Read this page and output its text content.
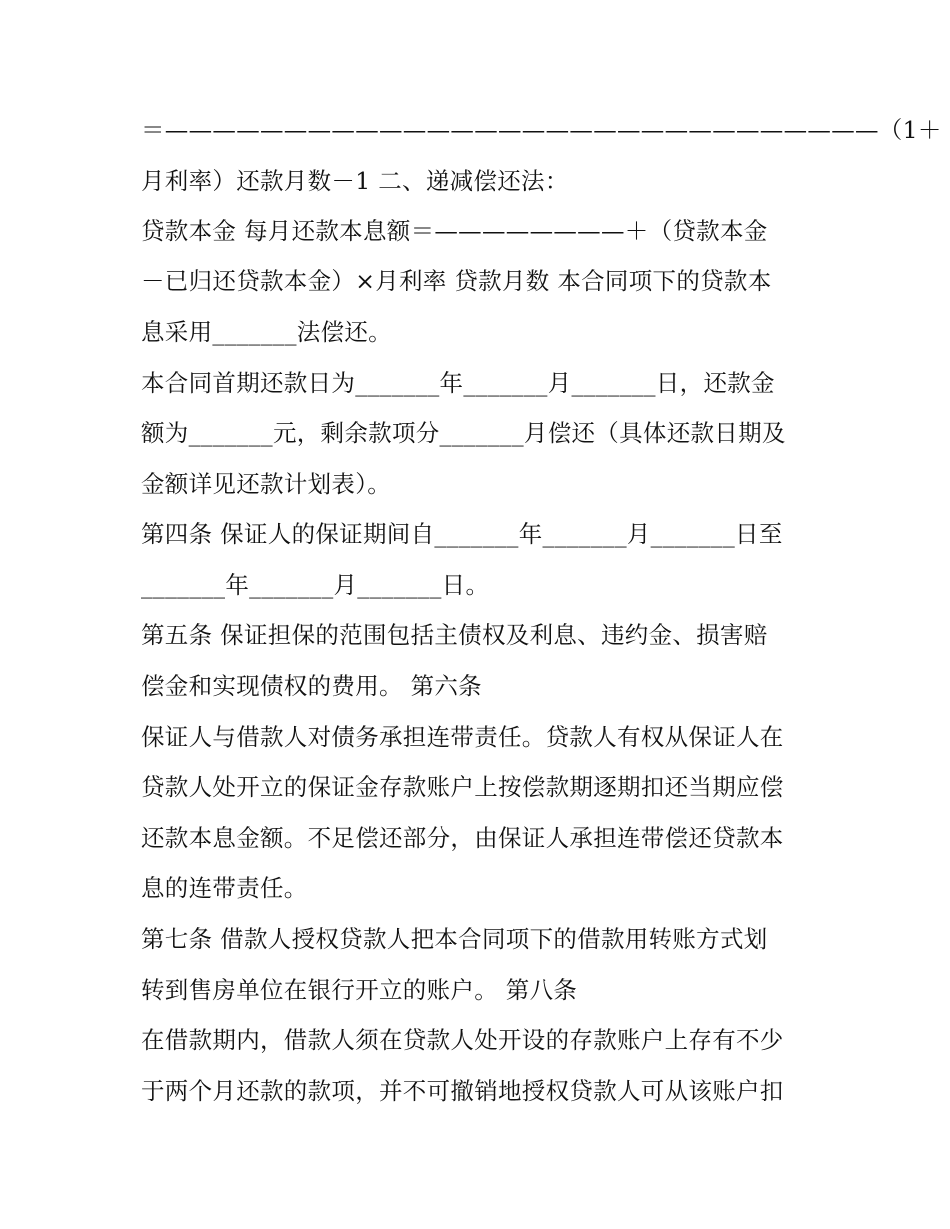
＝——————————————————————————————（1＋
月利率）还款月数－1 二、递减偿还法：
贷款本金 每月还款本息额＝————————＋（贷款本金
－已归还贷款本金）×月利率 贷款月数 本合同项下的贷款本
息采用_______法偿还。
本合同首期还款日为_______年_______月_______日，还款金
额为_______元，剩余款项分_______月偿还（具体还款日期及
金额详见还款计划表）。
第四条 保证人的保证期间自_______年_______月_______日至
_______年_______月_______日。
第五条 保证担保的范围包括主债权及利息、违约金、损害赔
偿金和实现债权的费用。 第六条
保证人与借款人对债务承担连带责任。贷款人有权从保证人在
贷款人处开立的保证金存款账户上按偿款期逐期扣还当期应偿
还款本息金额。不足偿还部分，由保证人承担连带偿还贷款本
息的连带责任。
第七条 借款人授权贷款人把本合同项下的借款用转账方式划
转到售房单位在银行开立的账户。 第八条
在借款期内，借款人须在贷款人处开设的存款账户上存有不少
于两个月还款的款项，并不可撤销地授权贷款人可从该账户扣
